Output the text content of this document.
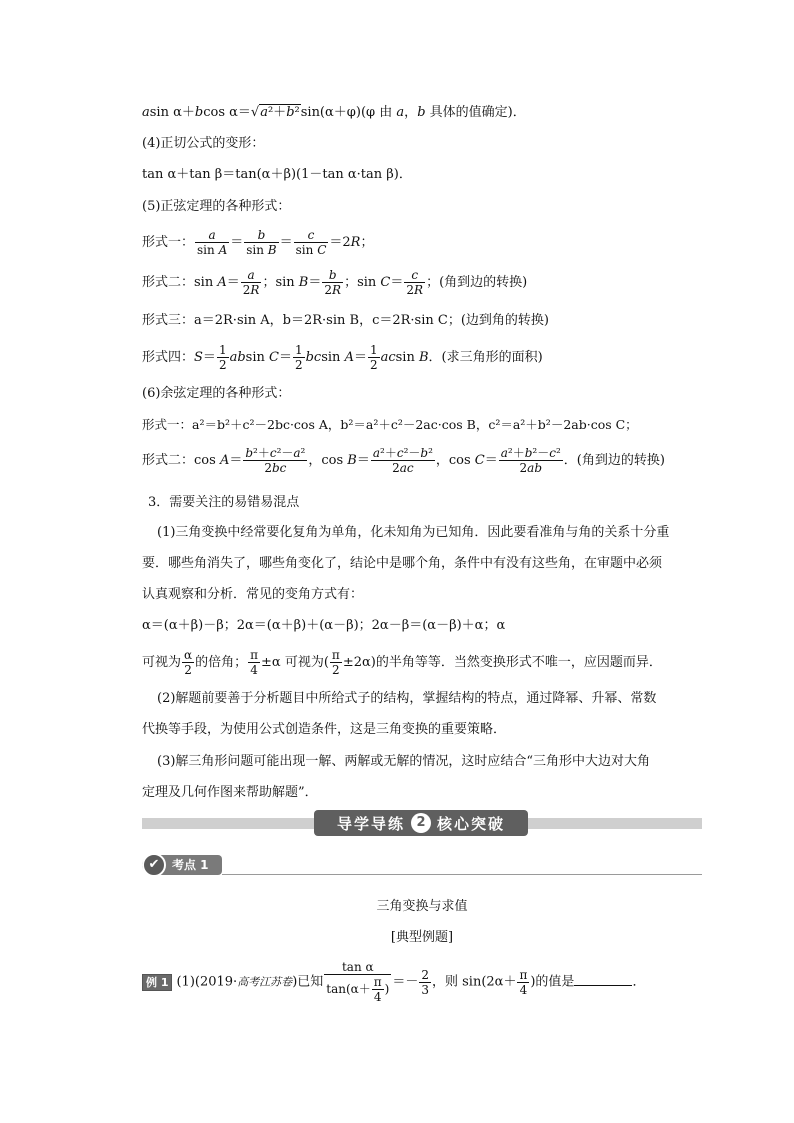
asin α＋bcos α＝√a²＋b²sin(α＋φ)(φ 由 a，b 具体的值确定)．
(4)正切公式的变形：
tan α＋tan β＝tan(α＋β)(1－tan α·tan β)．
(5)正弦定理的各种形式：
形式一： $\frac{a}{\text{sin A}} = \frac{b}{\text{sin B}} = \frac{c}{\text{sin C}} =2R$；
形式二：$\sin A= \frac{a}{2R}$ ；$\sin B= \frac{b}{2R}$ ；$\sin C= \frac{c}{2R}$ ；(角到边的转换)
形式三：a＝2R·sin A，b＝2R·sin B，c＝2R·sin C；(边到角的转换)
形式四：$S= \frac{1}{2}$ absin $C= \frac{1}{2}$ bcsin $A= \frac{1}{2}$ acsin B．(求三角形的面积)
(6)余弦定理的各种形式：
形式一：a²＝b²＋c²－2bc·cos A，b²＝a²＋c²－2ac·cos B，c²＝a²＋b²－2ab·cos C；
形式二：$\cos A= \frac{\text{b²＋c²－a²}}{2bc}$ ，$\cos B= \frac{\text{a²＋c²－b²}}{2ac}$ ，$\cos C= \frac{\text{a²＋b²－c²}}{2ab}$ ．(角到边的转换)
3．需要关注的易错易混点
(1)三角变换中经常要化复角为单角，化未知角为已知角．因此要看准角与角的关系十分重
要．哪些角消失了，哪些角变化了，结论中是哪个角，条件中有没有这些角，在审题中必须
认真观察和分析．常见的变角方式有：
α＝(α＋β)－β；2α＝(α＋β)＋(α－β)；2α－β＝(α－β)＋α；α
可视为 $\frac{\alpha}{2}$ 的倍角； $\frac{\pi}{4} \pm\alpha$ 可视为( $\frac{\pi}{2} \pm 2\alpha$)的半角等等．当然变换形式不唯一，应因题而异．
(2)解题前要善于分析题目中所给式子的结构，掌握结构的特点，通过降幂、升幂、常数
代换等手段，为使用公式创造条件，这是三角变换的重要策略．
(3)解三角形问题可能出现一解、两解或无解的情况，这时应结合“三角形中大边对大角
定理及几何作图来帮助解题”．
导学导练 2 核心突破
✔	考点 1
三角变换与求值
[典型例题]
例 1 (1)(2019·高考江苏卷)已知 $\frac{\text{tan α}}{\tan(\alpha+ \frac{\pi}{4} )} =- \frac{2}{3}$ ，则 $\sin(2\alpha+ \frac{\pi}{4}$ )的值是	．
